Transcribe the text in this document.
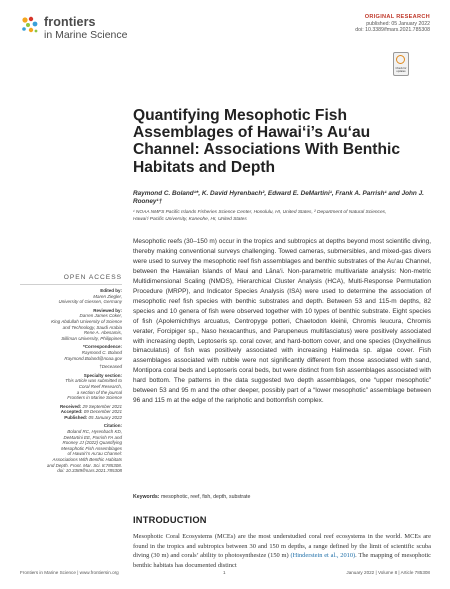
frontiers
in Marine Science
ORIGINAL RESEARCH
published: 05 January 2022
doi: 10.3389/fmars.2021.785308
Check for updates
Quantifying Mesophotic Fish Assemblages of Hawai‘i’s Au‘au Channel: Associations With Benthic Habitats and Depth
Raymond C. Boland¹*, K. David Hyrenbach², Edward E. DeMartini¹, Frank A. Parrish¹ and John J. Rooney¹†
¹ NOAA NMFS Pacific Islands Fisheries Science Center, Honolulu, HI, United States, ² Department of Natural Sciences,
Hawai‘i Pacific University, Kaneohe, HI, United States

Mesophotic reefs (30–150 m) occur in the tropics and subtropics at depths beyond most scientific diving, thereby making conventional surveys challenging. Towed cameras, submersibles, and mixed-gas divers were used to survey the mesophotic reef fish assemblages and benthic substrates of the Au‘au Channel, between the Hawaiian Islands of Maui and Lāna‘i. Non-parametric multivariate analysis: Non-metric Multidimensional Scaling (NMDS), Hierarchical Cluster Analysis (HCA), Multi-Response Permutation Procedure (MRPP), and Indicator Species Analysis (ISA) were used to determine the association of mesophotic reef fish species with benthic substrates and depth. Between 53 and 115-m depths, 82 species and 10 genera of fish were observed together with 10 types of benthic substrate. Eight species of fish (Apolemichthys arcuatus, Centropyge potteri, Chaetodon kleinii, Chromis leucura, Chromis verater, Forcipiger sp., Naso hexacanthus, and Parupeneus multifasciatus) were positively associated with increasing depth, Leptoseris sp. coral cover, and hard-bottom cover, and one species (Oxycheilinus bimaculatus) of fish was positively associated with increasing Halimeda sp. algae cover. Fish assemblages associated with rubble were not significantly different from those associated with sand, Montipora coral beds and Leptoseris coral beds, but were distinct from fish assemblages associated with hard bottom. The patterns in the data suggested two depth assemblages, one “upper mesophotic” between 53 and 95 m and the other deeper, possibly part of a “lower mesophotic” assemblage between 96 and 115 m at the edge of the rariphotic and bottomfish complex.

Keywords: mesophotic, reef, fish, depth, substrate
INTRODUCTION

Mesophotic Coral Ecosystems (MCEs) are the most understudied coral reef ecosystems in the world. MCEs are found in the tropics and subtropics between 30 and 150 m depths, a range defined by the limit of scientific scuba diving (30 m) and corals’ ability to photosynthesize (150 m) (Hinderstein et al., 2010). The mapping of mesophotic benthic habitats has documented distinct

OPEN ACCESS
Edited by:
Maren Ziegler,
University of Giessen, Germany
Reviewed by:
Darren James Coker,
King Abdullah University of Science
and Technology, Saudi Arabia
Rene A. Abesamis,
Silliman University, Philippines
*Correspondence:
Raymond C. Boland
Raymond.Boland@noaa.gov
†Deceased
Specialty section:
This article was submitted to
Coral Reef Research,
a section of the journal
Frontiers in Marine Science
Received: 29 September 2021
Accepted: 09 December 2021
Published: 05 January 2022
Citation:
Boland RC, Hyrenbach KD,
DeMartini EE, Parrish FA and
Rooney JJ (2022) Quantifying
Mesophotic Fish Assemblages
of Hawai‘i’s Au‘au Channel:
Associations With Benthic Habitats
and Depth. Front. Mar. Sci. 8:785308.
doi: 10.3389/fmars.2021.785308
Frontiers in Marine Science | www.frontiersin.org	1	January 2022 | Volume 8 | Article 785308
